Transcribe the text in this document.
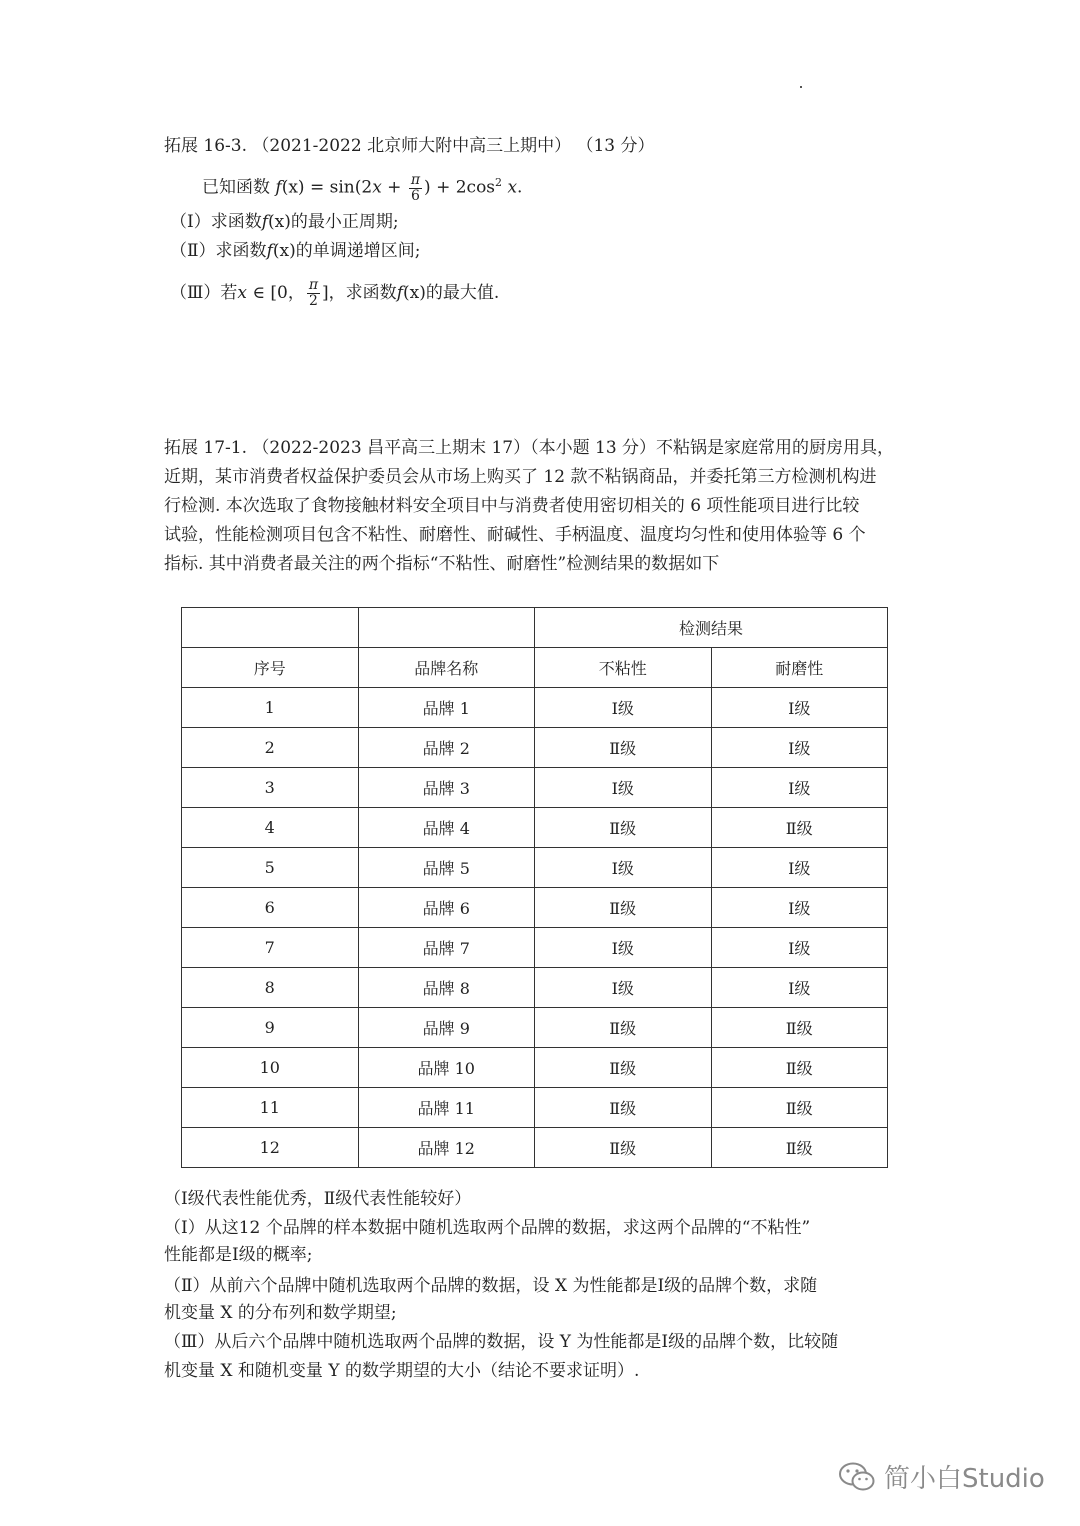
拓展 16-3. （2021-2022 北京师大附中高三上期中） （13 分）
已知函数 $f(x) = \sin(2x + \frac{\pi}{6}$ ) + $2\cos^2$ x.
（Ⅰ）求函数f(x)的最小正周期;
（Ⅱ）求函数f(x)的单调递增区间;
（Ⅲ）若x ∈ [0， $\frac{\pi}{2}$ ]，求函数f(x)的最大值.
拓展 17-1. （2022-2023 昌平高三上期末 17）（本小题 13 分）不粘锅是家庭常用的厨房用具，
近期，某市消费者权益保护委员会从市场上购买了 12 款不粘锅商品，并委托第三方检测机构进
行检测. 本次选取了食物接触材料安全项目中与消费者使用密切相关的 6 项性能项目进行比较
试验，性能检测项目包含不粘性、耐磨性、耐碱性、手柄温度、温度均匀性和使用体验等 6 个
指标. 其中消费者最关注的两个指标“不粘性、耐磨性”检测结果的数据如下
		检测结果	
序号	品牌名称	不粘性	耐磨性
1	品牌 1	Ⅰ级	Ⅰ级
2	品牌 2	Ⅱ级	Ⅰ级
3	品牌 3	Ⅰ级	Ⅰ级
4	品牌 4	Ⅱ级	Ⅱ级
5	品牌 5	Ⅰ级	Ⅰ级
6	品牌 6	Ⅱ级	Ⅰ级
7	品牌 7	Ⅰ级	Ⅰ级
8	品牌 8	Ⅰ级	Ⅰ级
9	品牌 9	Ⅱ级	Ⅱ级
10	品牌 10	Ⅱ级	Ⅱ级
11	品牌 11	Ⅱ级	Ⅱ级
12	品牌 12	Ⅱ级	Ⅱ级
（Ⅰ级代表性能优秀，Ⅱ级代表性能较好）
（Ⅰ）从这12 个品牌的样本数据中随机选取两个品牌的数据，求这两个品牌的“不粘性”
性能都是Ⅰ级的概率;
（Ⅱ）从前六个品牌中随机选取两个品牌的数据，设 X 为性能都是Ⅰ级的品牌个数，求随
机变量 X 的分布列和数学期望;
（Ⅲ）从后六个品牌中随机选取两个品牌的数据，设 Y 为性能都是Ⅰ级的品牌个数，比较随
机变量 X 和随机变量 Y 的数学期望的大小（结论不要求证明）.
简小白Studio
